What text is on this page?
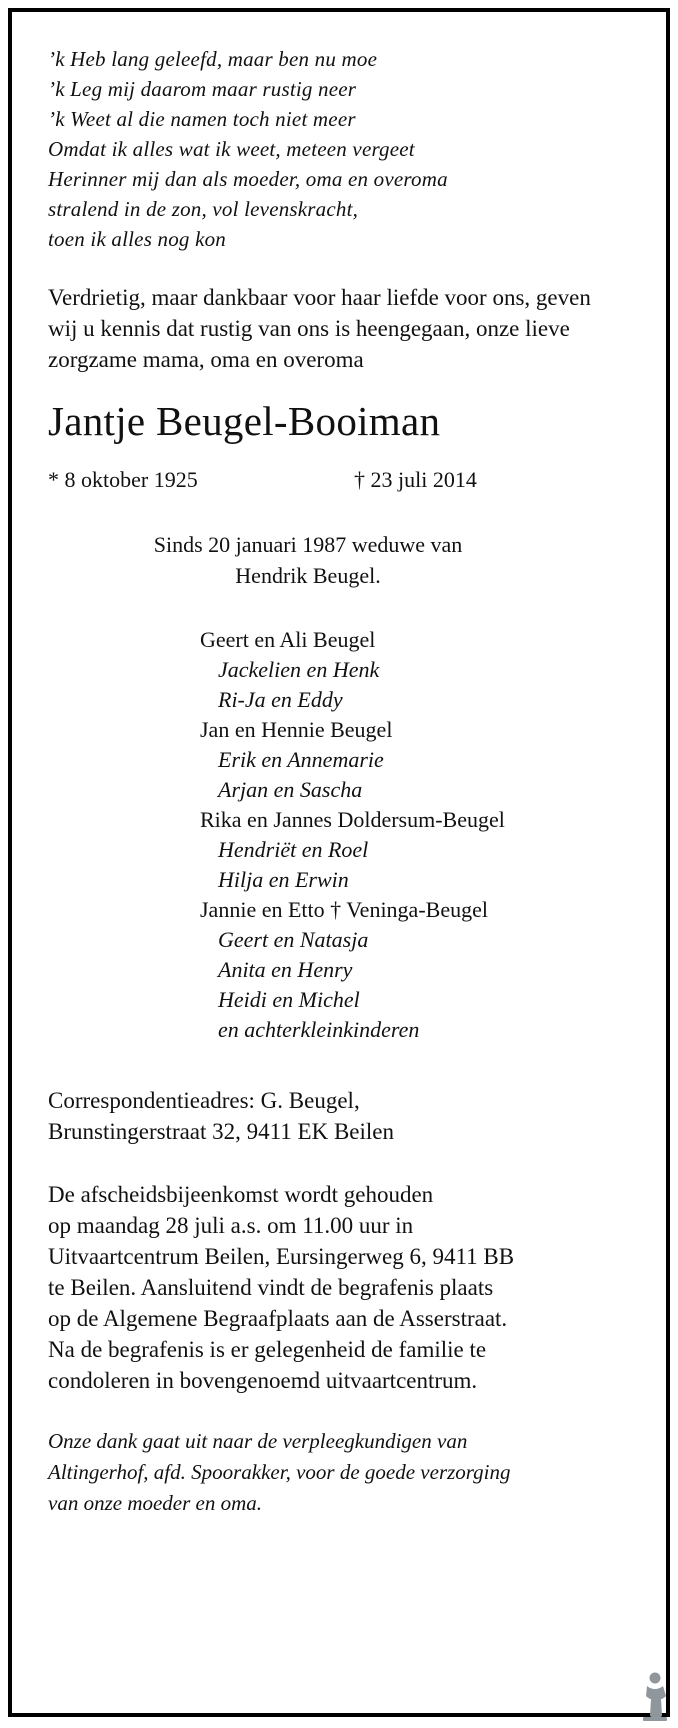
’k Heb lang geleefd, maar ben nu moe
’k Leg mij daarom maar rustig neer
’k Weet al die namen toch niet meer
Omdat ik alles wat ik weet, meteen vergeet
Herinner mij dan als moeder, oma en overoma
stralend in de zon, vol levenskracht,
toen ik alles nog kon

Verdrietig, maar dankbaar voor haar liefde voor ons, geven wij u kennis dat rustig van ons is heengegaan, onze lieve zorgzame mama, oma en overoma

Jantje Beugel-Booiman
* 8 oktober 1925	† 23 juli 2014
Sinds 20 januari 1987 weduwe van
Hendrik Beugel.
Geert en Ali Beugel
Jackelien en Henk
Ri-Ja en Eddy
Jan en Hennie Beugel
Erik en Annemarie
Arjan en Sascha
Rika en Jannes Doldersum-Beugel
Hendriët en Roel
Hilja en Erwin
Jannie en Etto † Veninga-Beugel
Geert en Natasja
Anita en Henry
Heidi en Michel
en achterkleinkinderen
Correspondentieadres: G. Beugel,
Brunstingerstraat 32, 9411 EK Beilen
De afscheidsbijeenkomst wordt gehouden
op maandag 28 juli a.s. om 11.00 uur in
Uitvaartcentrum Beilen, Eursingerweg 6, 9411 BB
te Beilen. Aansluitend vindt de begrafenis plaats
op de Algemene Begraafplaats aan de Asserstraat.
Na de begrafenis is er gelegenheid de familie te
condoleren in bovengenoemd uitvaartcentrum.
Onze dank gaat uit naar de verpleegkundigen van
Altingerhof, afd. Spoorakker, voor de goede verzorging
van onze moeder en oma.
